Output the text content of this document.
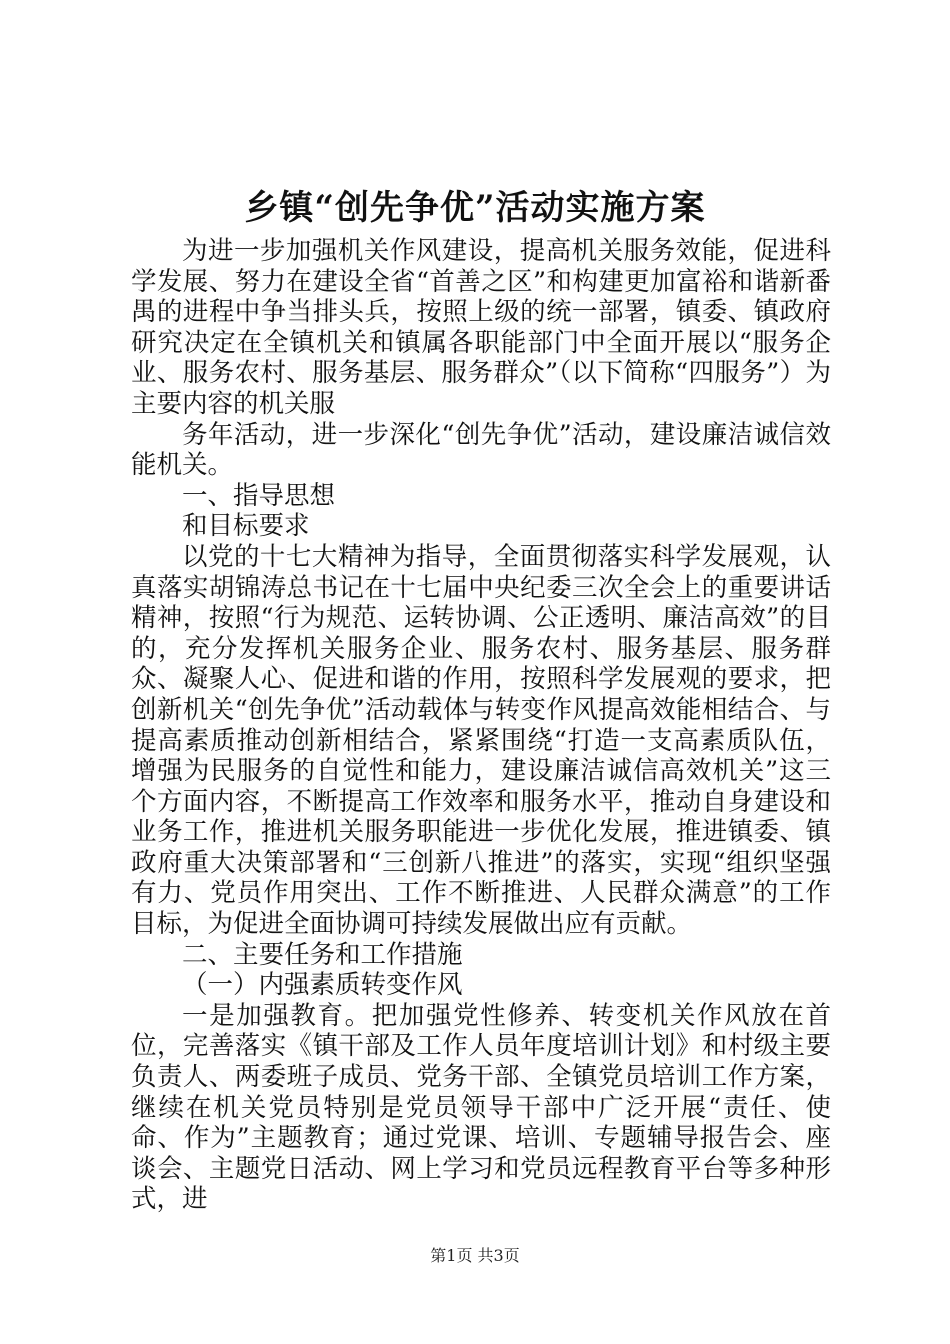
乡镇“创先争优”活动实施方案

为进一步加强机关作风建设，提高机关服务效能，促进科学发展、努力在建设全省“首善之区”和构建更加富裕和谐新番禺的进程中争当排头兵，按照上级的统一部署，镇委、镇政府研究决定在全镇机关和镇属各职能部门中全面开展以“服务企业、服务农村、服务基层、服务群众”（以下简称“四服务”）为主要内容的机关服

务年活动，进一步深化“创先争优”活动，建设廉洁诚信效能机关。

一、指导思想

和目标要求

以党的十七大精神为指导，全面贯彻落实科学发展观，认真落实胡锦涛总书记在十七届中央纪委三次全会上的重要讲话精神，按照“行为规范、运转协调、公正透明、廉洁高效”的目的，充分发挥机关服务企业、服务农村、服务基层、服务群众、凝聚人心、促进和谐的作用，按照科学发展观的要求，把创新机关“创先争优”活动载体与转变作风提高效能相结合、与提高素质推动创新相结合，紧紧围绕“打造一支高素质队伍，增强为民服务的自觉性和能力，建设廉洁诚信高效机关”这三个方面内容，不断提高工作效率和服务水平，推动自身建设和业务工作，推进机关服务职能进一步优化发展，推进镇委、镇政府重大决策部署和“三创新八推进”的落实，实现“组织坚强有力、党员作用突出、工作不断推进、人民群众满意”的工作目标，为促进全面协调可持续发展做出应有贡献。

二、主要任务和工作措施

（一）内强素质转变作风

一是加强教育。把加强党性修养、转变机关作风放在首位，完善落实《镇干部及工作人员年度培训计划》和村级主要负责人、两委班子成员、党务干部、全镇党员培训工作方案，继续在机关党员特别是党员领导干部中广泛开展“责任、使命、作为”主题教育；通过党课、培训、专题辅导报告会、座谈会、主题党日活动、网上学习和党员远程教育平台等多种形式，进

第1页 共3页
